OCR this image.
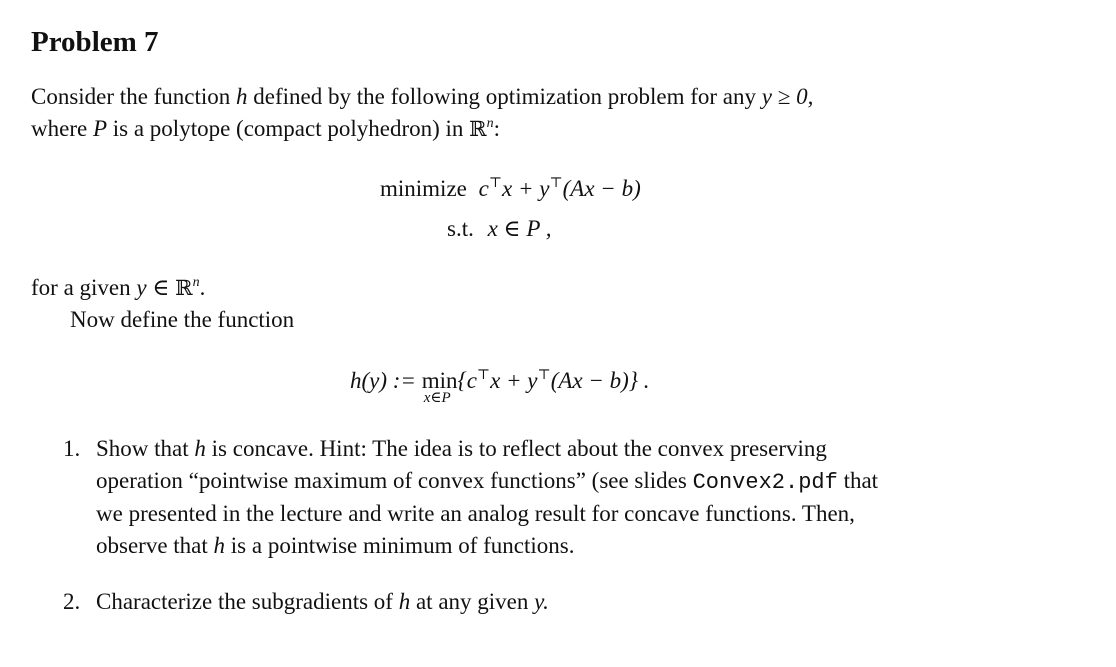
Problem 7
Consider the function h defined by the following optimization problem for any y ≥ 0,
where P is a polytope (compact polyhedron) in ℝ$^n$:
minimize c⊤x + y⊤(Ax − b)
s.t. x ∈ P ,
for a given y ∈ ℝ$^n$.
Now define the function
h(y) := min
x∈P
{c⊤x + y⊤(Ax − b)} .
1. Show that h is concave. Hint: The idea is to reflect about the convex preserving
operation “pointwise maximum of convex functions” (see slides Convex2.pdf that
we presented in the lecture and write an analog result for concave functions. Then,
observe that h is a pointwise minimum of functions.
2. Characterize the subgradients of h at any given y.
